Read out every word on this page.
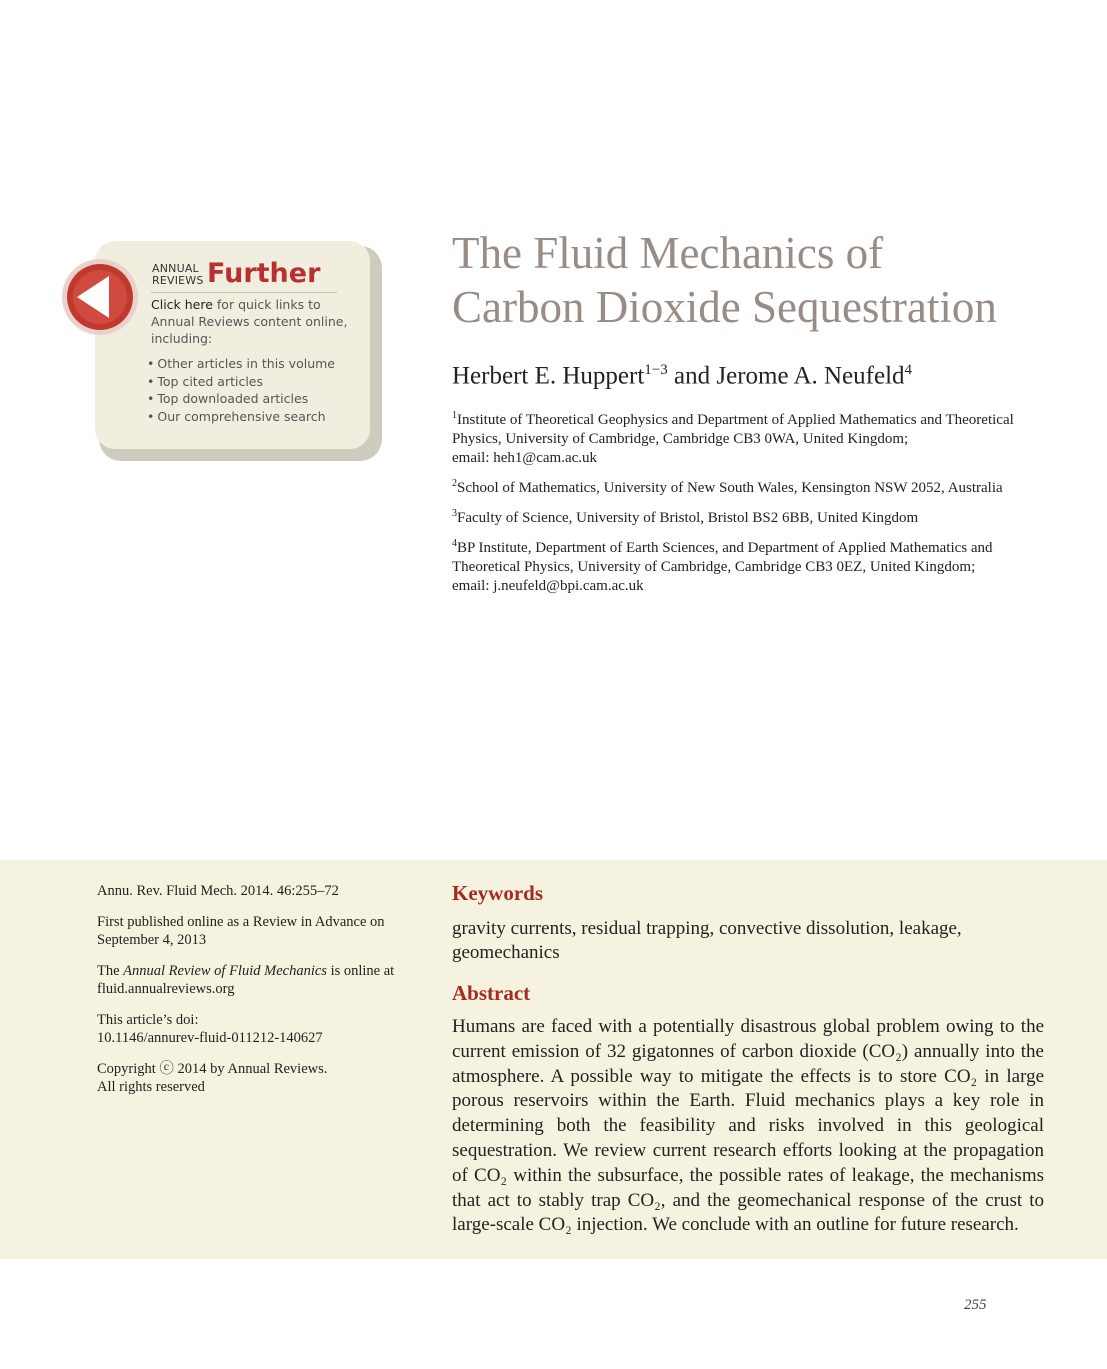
ANNUAL
REVIEWS Further
Click here for quick links to Annual Reviews content online, including:
• Other articles in this volume
• Top cited articles
• Top downloaded articles
• Our comprehensive search
The Fluid Mechanics of
Carbon Dioxide Sequestration
Herbert E. Huppert$^{1-3}$ and Jerome A. Neufeld$^4$
$^1$Institute of Theoretical Geophysics and Department of Applied Mathematics and Theoretical Physics, University of Cambridge, Cambridge CB3 0WA, United Kingdom;
email: heh1@cam.ac.uk
$^2$School of Mathematics, University of New South Wales, Kensington NSW 2052, Australia
$^3$Faculty of Science, University of Bristol, Bristol BS2 6BB, United Kingdom
$^4$BP Institute, Department of Earth Sciences, and Department of Applied Mathematics and Theoretical Physics, University of Cambridge, Cambridge CB3 0EZ, United Kingdom;
email: j.neufeld@bpi.cam.ac.uk

Annu. Rev. Fluid Mech. 2014. 46:255–72

First published online as a Review in Advance on September 4, 2013

The Annual Review of Fluid Mechanics is online at fluid.annualreviews.org

This article’s doi:
10.1146/annurev-fluid-011212-140627

Copyright ⓒ 2014 by Annual Reviews.
All rights reserved

Keywords
gravity currents, residual trapping, convective dissolution, leakage, geomechanics
Abstract
Humans are faced with a potentially disastrous global problem owing to the current emission of 32 gigatonnes of carbon dioxide (CO₂) annually into the atmosphere. A possible way to mitigate the effects is to store CO₂ in large porous reservoirs within the Earth. Fluid mechanics plays a key role in determining both the feasibility and risks involved in this geological sequestration. We review current research efforts looking at the propagation of CO₂ within the subsurface, the possible rates of leakage, the mechanisms that act to stably trap CO₂, and the geomechanical response of the crust to large-scale CO₂ injection. We conclude with an outline for future research.
255
